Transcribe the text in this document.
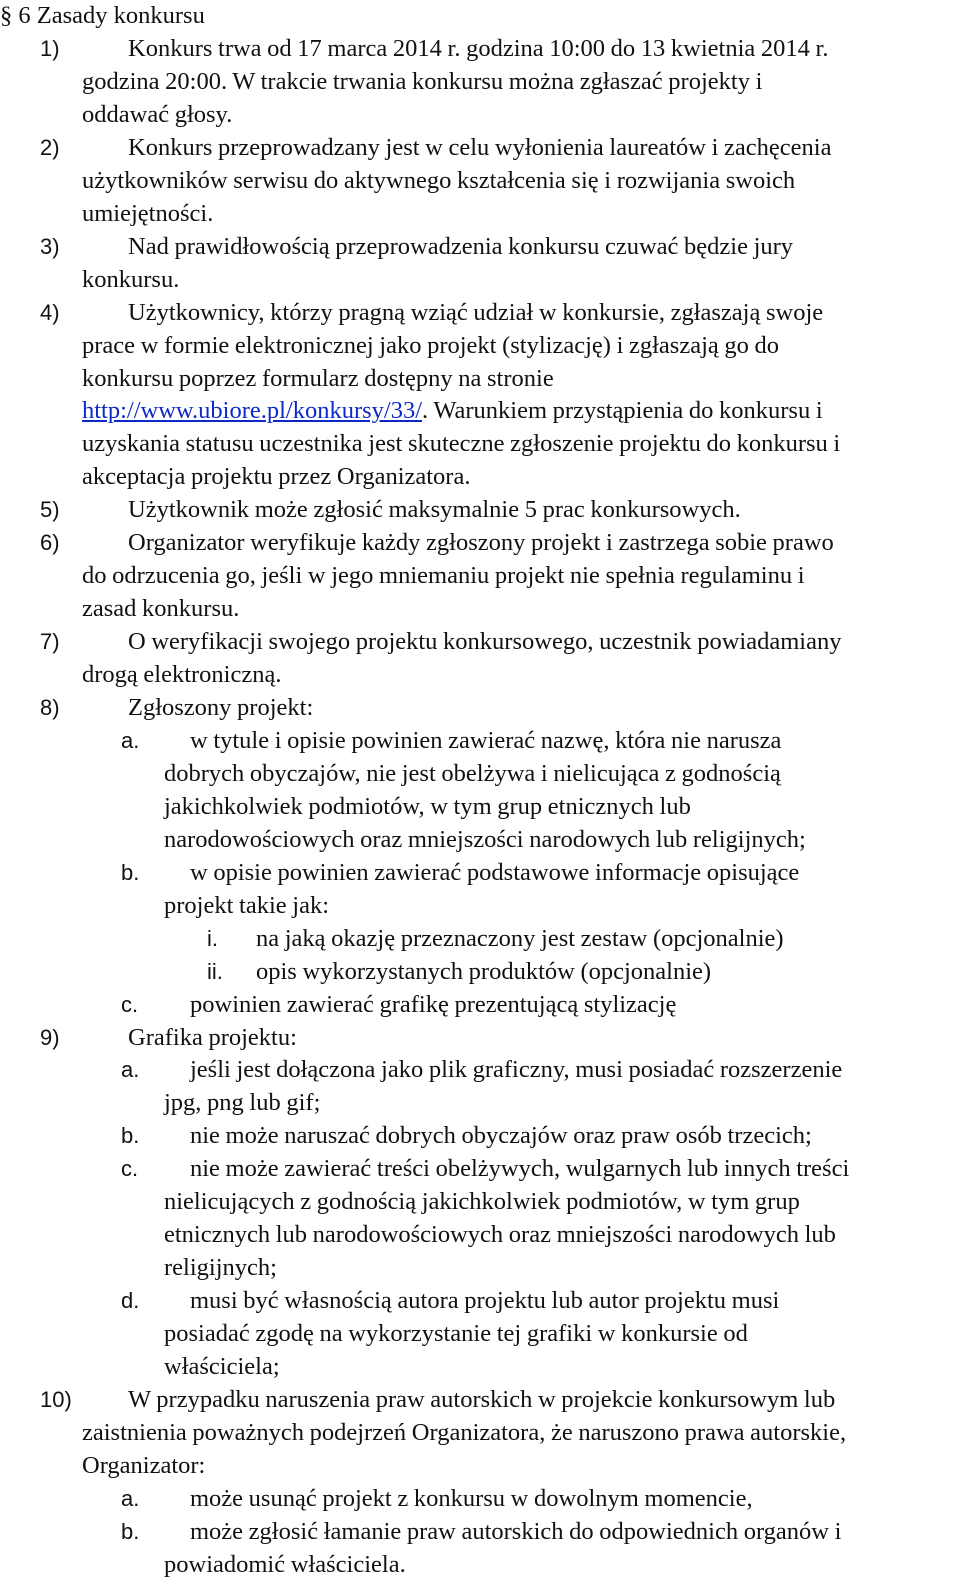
§ 6 Zasady konkursu
1)	Konkurs trwa od 17 marca 2014 r. godzina 10:00 do 13 kwietnia 2014 r.
godzina 20:00. W trakcie trwania konkursu można zgłaszać projekty i
oddawać głosy.
2)	Konkurs przeprowadzany jest w celu wyłonienia laureatów i zachęcenia
użytkowników serwisu do aktywnego kształcenia się i rozwijania swoich
umiejętności.
3)	Nad prawidłowością przeprowadzenia konkursu czuwać będzie jury
konkursu.
4)	Użytkownicy, którzy pragną wziąć udział w konkursie, zgłaszają swoje
prace w formie elektronicznej jako projekt (stylizację) i zgłaszają go do
konkursu poprzez formularz dostępny na stronie
http://www.ubiore.pl/konkursy/33/. Warunkiem przystąpienia do konkursu i
uzyskania statusu uczestnika jest skuteczne zgłoszenie projektu do konkursu i
akceptacja projektu przez Organizatora.
5)	Użytkownik może zgłosić maksymalnie 5 prac konkursowych.
6)	Organizator weryfikuje każdy zgłoszony projekt i zastrzega sobie prawo
do odrzucenia go, jeśli w jego mniemaniu projekt nie spełnia regulaminu i
zasad konkursu.
7)	O weryfikacji swojego projektu konkursowego, uczestnik powiadamiany
drogą elektroniczną.
8)	Zgłoszony projekt:
a. w tytule i opisie powinien zawierać nazwę, która nie narusza
dobrych obyczajów, nie jest obelżywa i nielicująca z godnością
jakichkolwiek podmiotów, w tym grup etnicznych lub
narodowościowych oraz mniejszości narodowych lub religijnych;
b. w opisie powinien zawierać podstawowe informacje opisujące
projekt takie jak:
i. na jaką okazję przeznaczony jest zestaw (opcjonalnie)
ii. opis wykorzystanych produktów (opcjonalnie)
c. powinien zawierać grafikę prezentującą stylizację
9)	Grafika projektu:
a. jeśli jest dołączona jako plik graficzny, musi posiadać rozszerzenie
jpg, png lub gif;
b. nie może naruszać dobrych obyczajów oraz praw osób trzecich;
c. nie może zawierać treści obelżywych, wulgarnych lub innych treści
nielicujących z godnością jakichkolwiek podmiotów, w tym grup
etnicznych lub narodowościowych oraz mniejszości narodowych lub
religijnych;
d. musi być własnością autora projektu lub autor projektu musi
posiadać zgodę na wykorzystanie tej grafiki w konkursie od
właściciela;
10) W przypadku naruszenia praw autorskich w projekcie konkursowym lub
zaistnienia poważnych podejrzeń Organizatora, że naruszono prawa autorskie,
Organizator:
a. może usunąć projekt z konkursu w dowolnym momencie,
b. może zgłosić łamanie praw autorskich do odpowiednich organów i
powiadomić właściciela.
